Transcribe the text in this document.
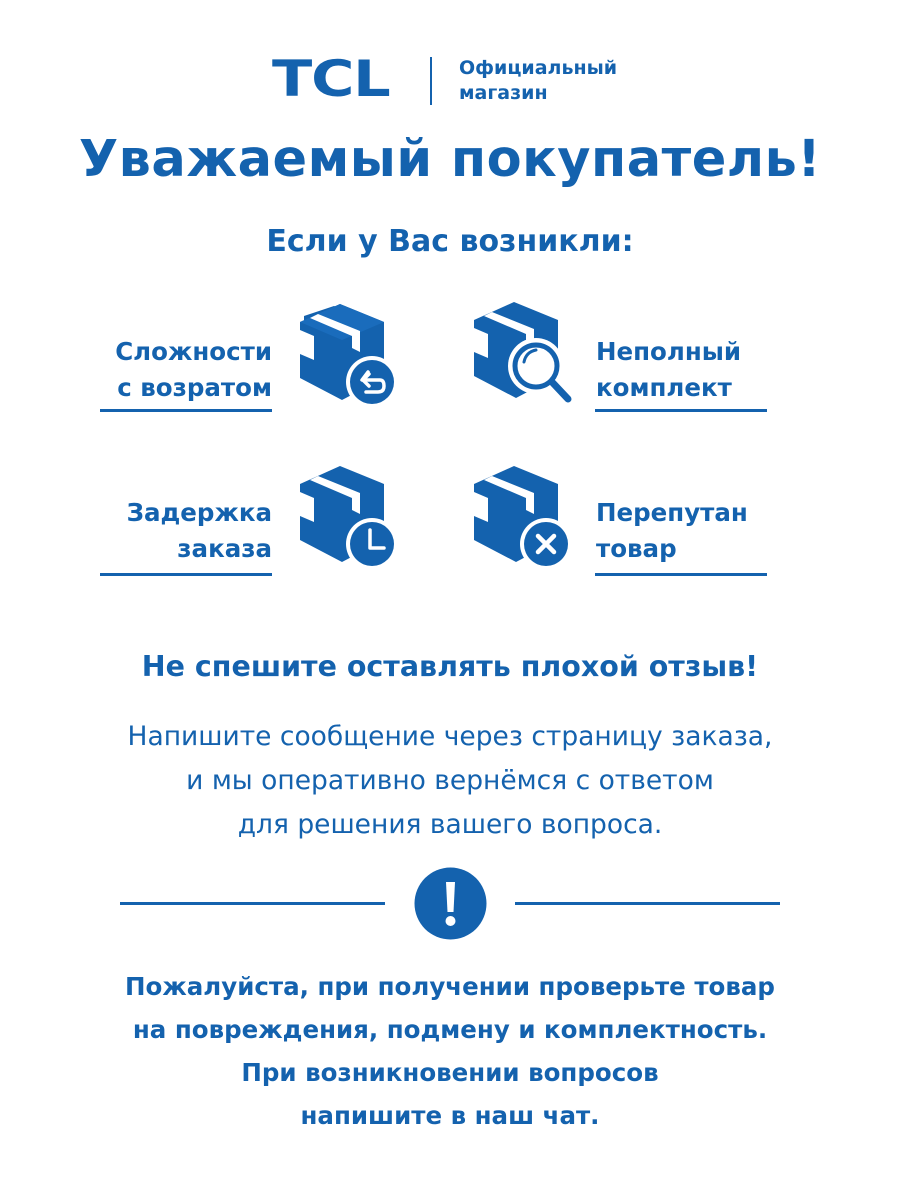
TCL	Официальный
магазин
Уважаемый покупатель!
Если у Вас возникли:
Сложности
с возратом
Неполный
комплект
Задержка
заказа
Перепутан
товар
Не спешите оставлять плохой отзыв!
Напишите сообщение через страницу заказа,
и мы оперативно вернёмся с ответом
для решения вашего вопроса.
Пожалуйста, при получении проверьте товар
на повреждения, подмену и комплектность.
При возникновении вопросов
напишите в наш чат.
